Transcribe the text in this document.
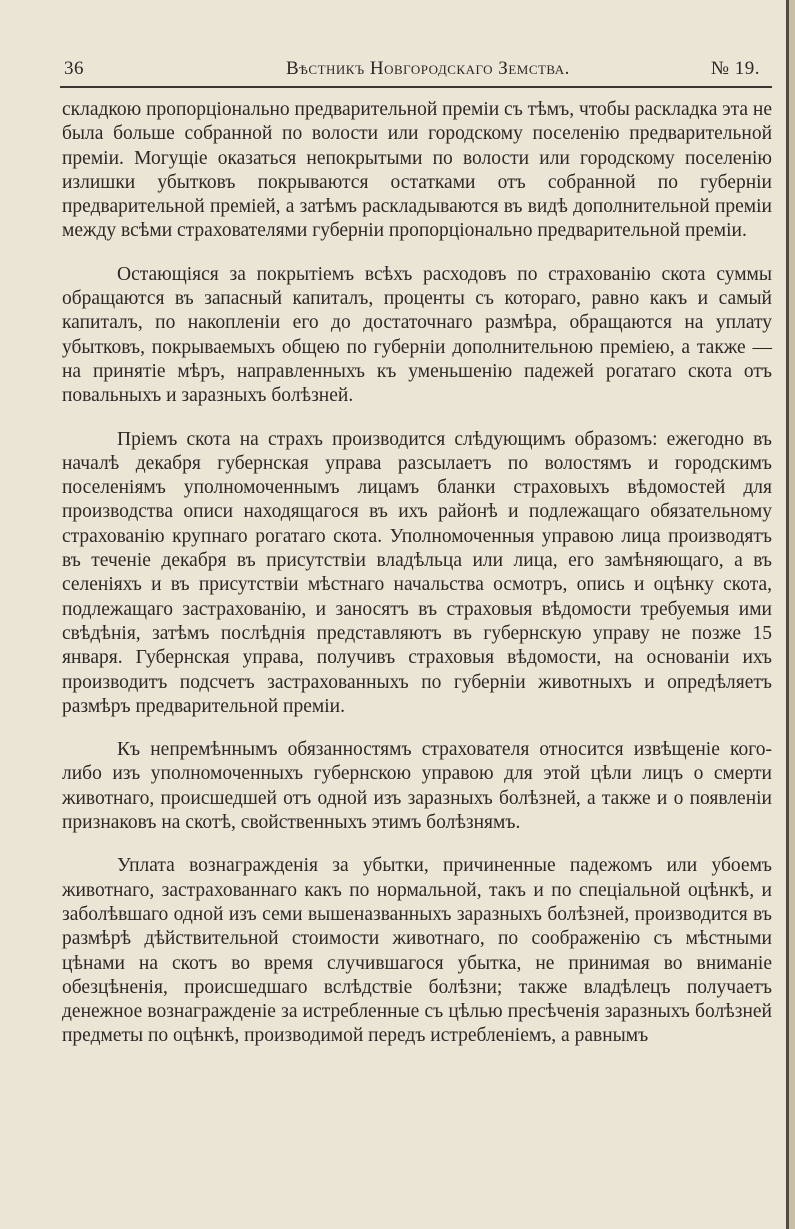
36	Вѣстникъ Новгородскаго Земства.	№ 19.

складкою пропорціонально предварительной преміи съ тѣмъ, чтобы раскладка эта не была больше собранной по волости или городскому поселенію предварительной преміи. Могущіе оказаться непокрытыми по волости или городскому поселенію излишки убытковъ покрываются остатками отъ собранной по губерніи предварительной преміей, а затѣмъ раскладываются въ видѣ дополнительной преміи между всѣми страхователями губерніи пропорціонально предварительной преміи.

Остающіяся за покрытіемъ всѣхъ расходовъ по страхованію скота суммы обращаются въ запасный капиталъ, проценты съ котораго, равно какъ и самый капиталъ, по накопленіи его до достаточнаго размѣра, обращаются на уплату убытковъ, покрываемыхъ общею по губерніи дополнительною преміею, а также — на принятіе мѣръ, направленныхъ къ уменьшенію падежей рогатаго скота отъ повальныхъ и заразныхъ болѣзней.

Пріемъ скота на страхъ производится слѣдующимъ образомъ: ежегодно въ началѣ декабря губернская управа разсылаетъ по волостямъ и городскимъ поселеніямъ уполномоченнымъ лицамъ бланки страховыхъ вѣдомостей для производства описи находящагося въ ихъ районѣ и подлежащаго обязательному страхованію крупнаго рогатаго скота. Уполномоченныя управою лица производятъ въ теченіе декабря въ присутствіи владѣльца или лица, его замѣняющаго, а въ селеніяхъ и въ присутствіи мѣстнаго начальства осмотръ, опись и оцѣнку скота, подлежащаго застрахованію, и заносятъ въ страховыя вѣдомости требуемыя ими свѣдѣнія, затѣмъ послѣднія представляютъ въ губернскую управу не позже 15 января. Губернская управа, получивъ страховыя вѣдомости, на основаніи ихъ производитъ подсчетъ застрахованныхъ по губерніи животныхъ и опредѣляетъ размѣръ предварительной преміи.

Къ непремѣннымъ обязанностямъ страхователя относится извѣщеніе кого-либо изъ уполномоченныхъ губернскою управою для этой цѣли лицъ о смерти животнаго, происшедшей отъ одной изъ заразныхъ болѣзней, а также и о появленіи признаковъ на скотѣ, свойственныхъ этимъ болѣзнямъ.

Уплата вознагражденія за убытки, причиненные падежомъ или убоемъ животнаго, застрахованнаго какъ по нормальной, такъ и по спеціальной оцѣнкѣ, и заболѣвшаго одной изъ семи вышеназванныхъ заразныхъ болѣзней, производится въ размѣрѣ дѣйствительной стоимости животнаго, по соображенію съ мѣстными цѣнами на скотъ во время случившагося убытка, не принимая во вниманіе обезцѣненія, происшедшаго вслѣдствіе болѣзни; также владѣлецъ получаетъ денежное вознагражденіе за истребленные съ цѣлью пресѣченія заразныхъ болѣзней предметы по оцѣнкѣ, производимой передъ истребленіемъ, а равнымъ
